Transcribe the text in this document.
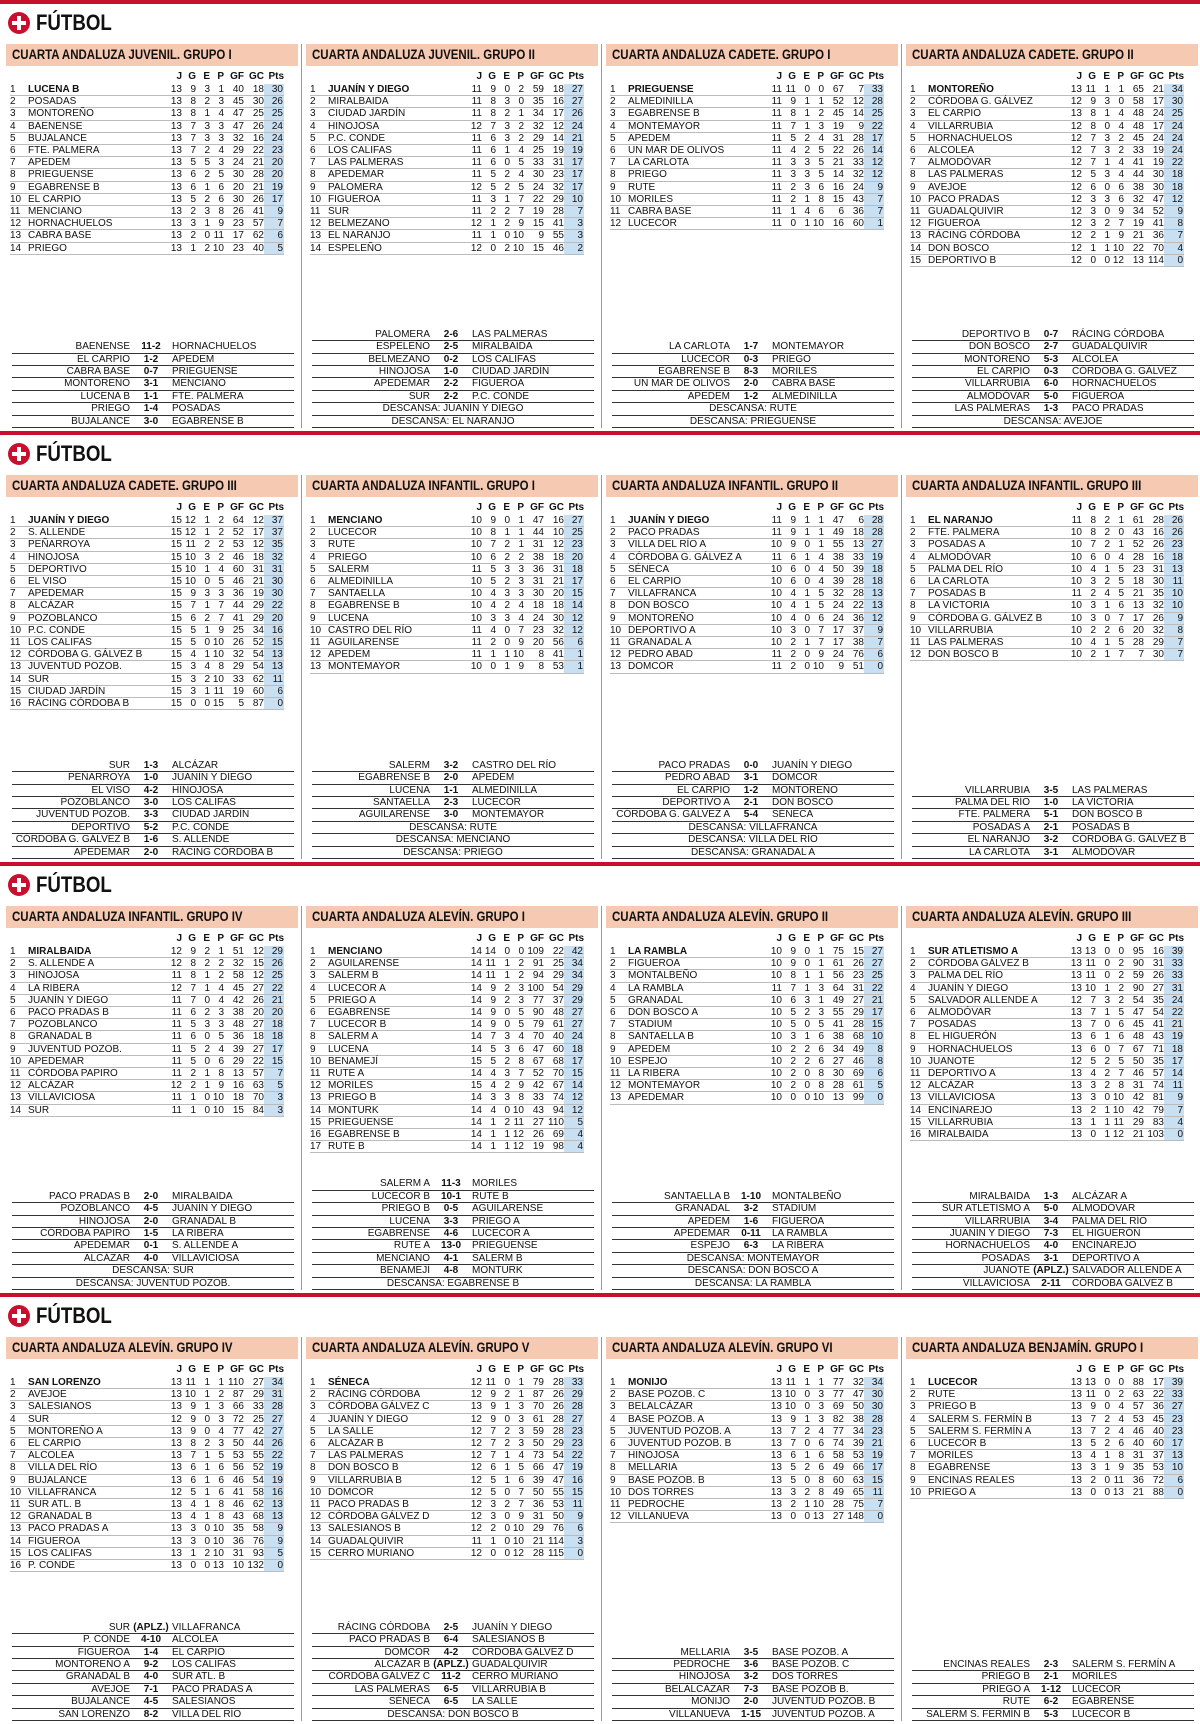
FÚTBOL
CUARTA ANDALUZA JUVENIL. GRUPO I
		J	G	E	P	GF	GC	Pts
1	LUCENA B	13	9	3	1	40	18	30
2	POSADAS	13	8	2	3	45	30	26
3	MONTOREÑO	13	8	1	4	47	25	25
4	BAENENSE	13	7	3	3	47	26	24
5	BUJALANCE	13	7	3	3	32	16	24
6	FTE. PALMERA	13	7	2	4	29	22	23
7	APEDEM	13	5	5	3	24	21	20
8	PRIEGUENSE	13	6	2	5	30	28	20
9	EGABRENSE B	13	6	1	6	20	21	19
10	EL CARPIO	13	5	2	6	30	26	17
11	MENCIANO	13	2	3	8	26	41	9
12	HORNACHUELOS	13	3	1	9	23	57	7
13	CABRA BASE	13	2	0	11	17	62	6
14	PRIEGO	13	1	2	10	23	40	5
BAENENSE	11-2	HORNACHUELOS
EL CARPIO	1-2	APEDEM
CABRA BASE	0-7	PRIEGUENSE
MONTOREÑO	3-1	MENCIANO
LUCENA B	1-1	FTE. PALMERA
PRIEGO	1-4	POSADAS
BUJALANCE	3-0	EGABRENSE B
CUARTA ANDALUZA JUVENIL. GRUPO II
		J	G	E	P	GF	GC	Pts
1	JUANÍN Y DIEGO	11	9	0	2	59	18	27
2	MIRALBAIDA	11	8	3	0	35	16	27
3	CIUDAD JARDÍN	11	8	2	1	34	17	26
4	HINOJOSA	12	7	3	2	32	12	24
5	P.C. CONDE	11	6	3	2	29	14	21
6	LOS CALIFAS	11	6	1	4	25	19	19
7	LAS PALMERAS	11	6	0	5	33	31	17
8	APEDEMAR	11	5	2	4	30	23	17
9	PALOMERA	12	5	2	5	24	32	17
10	FIGUEROA	11	3	1	7	22	29	10
11	SUR	11	2	2	7	19	28	7
12	BELMEZANO	12	1	2	9	15	41	3
13	EL NARANJO	11	1	0	10	9	55	3
14	ESPELEÑO	12	0	2	10	15	46	2
PALOMERA	2-6	LAS PALMERAS
ESPELEÑO	2-5	MIRALBAIDA
BELMEZANO	0-2	LOS CALIFAS
HINOJOSA	1-0	CIUDAD JARDÍN
APEDEMAR	2-2	FIGUEROA
SUR	2-2	P.C. CONDE
DESCANSA: JUANÍN Y DIEGO
DESCANSA: EL NARANJO
CUARTA ANDALUZA CADETE. GRUPO I
		J	G	E	P	GF	GC	Pts
1	PRIEGUENSE	11	11	0	0	67	7	33
2	ALMEDINILLA	11	9	1	1	52	12	28
3	EGABRENSE B	11	8	1	2	45	14	25
4	MONTEMAYOR	11	7	1	3	19	9	22
5	APEDEM	11	5	2	4	31	28	17
6	UN MAR DE OLIVOS	11	4	2	5	22	26	14
7	LA CARLOTA	11	3	3	5	21	33	12
8	PRIEGO	11	3	3	5	14	32	12
9	RUTE	11	2	3	6	16	24	9
10	MORILES	11	2	1	8	15	43	7
11	CABRA BASE	11	1	4	6	6	36	7
12	LUCECOR	11	0	1	10	16	60	1
LA CARLOTA	1-7	MONTEMAYOR
LUCECOR	0-3	PRIEGO
EGABRENSE B	8-3	MORILES
UN MAR DE OLIVOS	2-0	CABRA BASE
APEDEM	1-2	ALMEDINILLA
DESCANSA: RUTE
DESCANSA: PRIEGUENSE
CUARTA ANDALUZA CADETE. GRUPO II
		J	G	E	P	GF	GC	Pts
1	MONTOREÑO	13	11	1	1	65	21	34
2	CÓRDOBA G. GÁLVEZ	12	9	3	0	58	17	30
3	EL CARPIO	13	8	1	4	48	24	25
4	VILLARRUBIA	12	8	0	4	48	17	24
5	HORNACHUELOS	12	7	3	2	45	24	24
6	ALCOLEA	12	7	3	2	33	19	24
7	ALMODÓVAR	12	7	1	4	41	19	22
8	LAS PALMERAS	12	5	3	4	44	30	18
9	AVEJOE	12	6	0	6	38	30	18
10	PACO PRADAS	12	3	3	6	32	47	12
11	GUADALQUIVIR	12	3	0	9	34	52	9
12	FIGUEROA	12	3	2	7	19	41	8
13	RÁCING CÓRDOBA	12	2	1	9	21	36	7
14	DON BOSCO	12	1	1	10	22	70	4
15	DEPORTIVO B	12	0	0	12	13	114	0
DEPORTIVO B	0-7	RÁCING CÓRDOBA
DON BOSCO	2-7	GUADALQUIVIR
MONTOREÑO	5-3	ALCOLEA
EL CARPIO	0-3	CÓRDOBA G. GÁLVEZ
VILLARRUBIA	6-0	HORNACHUELOS
ALMODÓVAR	5-0	FIGUEROA
LAS PALMERAS	1-3	PACO PRADAS
DESCANSA: AVEJOE
FÚTBOL
CUARTA ANDALUZA CADETE. GRUPO III
		J	G	E	P	GF	GC	Pts
1	JUANÍN Y DIEGO	15	12	1	2	64	12	37
2	S. ALLENDE	15	12	1	2	52	17	37
3	PEÑARROYA	15	11	2	2	53	12	35
4	HINOJOSA	15	10	3	2	46	18	32
5	DEPORTIVO	15	10	1	4	60	31	31
6	EL VISO	15	10	0	5	46	21	30
7	APEDEMAR	15	9	3	3	36	19	30
8	ALCÁZAR	15	7	1	7	44	29	22
9	POZOBLANCO	15	6	2	7	41	29	20
10	P.C. CONDE	15	5	1	9	25	34	16
11	LOS CALIFAS	15	5	0	10	26	52	15
12	CÓRDOBA G. GÁLVEZ B	15	4	1	10	32	54	13
13	JUVENTUD POZOB.	15	3	4	8	29	54	13
14	SUR	15	3	2	10	33	62	11
15	CIUDAD JARDÍN	15	3	1	11	19	60	6
16	RÁCING CÓRDOBA B	15	0	0	15	5	87	0
SUR	1-3	ALCÁZAR
PEÑARROYA	1-0	JUANÍN Y DIEGO
EL VISO	4-2	HINOJOSA
POZOBLANCO	3-0	LOS CALIFAS
JUVENTUD POZOB.	3-3	CIUDAD JARDÍN
DEPORTIVO	5-2	P.C. CONDE
CÓRDOBA G. GÁLVEZ B	1-6	S. ALLENDE
APEDEMAR	2-0	RÁCING CÓRDOBA B
CUARTA ANDALUZA INFANTIL. GRUPO I
		J	G	E	P	GF	GC	Pts
1	MENCIANO	10	9	0	1	47	16	27
2	LUCECOR	10	8	1	1	44	10	25
3	RUTE	10	7	2	1	31	12	23
4	PRIEGO	10	6	2	2	38	18	20
5	SALERM	11	5	3	3	36	31	18
6	ALMEDINILLA	10	5	2	3	31	21	17
7	SANTAELLA	10	4	3	3	30	20	15
8	EGABRENSE B	10	4	2	4	18	18	14
9	LUCENA	10	3	3	4	24	30	12
10	CASTRO DEL RÍO	11	4	0	7	23	32	12
11	AGUILARENSE	11	2	0	9	20	56	6
12	APEDEM	11	1	1	10	8	41	1
13	MONTEMAYOR	10	0	1	9	8	53	1
SALERM	3-2	CASTRO DEL RÍO
EGABRENSE B	2-0	APEDEM
LUCENA	1-1	ALMEDINILLA
SANTAELLA	2-3	LUCECOR
AGUILARENSE	3-0	MONTEMAYOR
DESCANSA: RUTE
DESCANSA: MENCIANO
DESCANSA: PRIEGO
CUARTA ANDALUZA INFANTIL. GRUPO II
		J	G	E	P	GF	GC	Pts
1	JUANÍN Y DIEGO	11	9	1	1	47	6	28
2	PACO PRADAS	11	9	1	1	49	18	28
3	VILLA DEL RÍO A	10	9	0	1	55	13	27
4	CÓRDOBA G. GÁLVEZ A	11	6	1	4	38	33	19
5	SÉNECA	10	6	0	4	50	39	18
6	EL CARPIO	10	6	0	4	39	28	18
7	VILLAFRANCA	10	4	1	5	32	28	13
8	DON BOSCO	10	4	1	5	24	22	13
9	MONTOREÑO	10	4	0	6	24	36	12
10	DEPORTIVO A	10	3	0	7	17	37	9
11	GRANADAL A	10	2	1	7	17	38	7
12	PEDRO ABAD	11	2	0	9	24	76	6
13	DOMCOR	11	2	0	10	9	51	0
PACO PRADAS	0-0	JUANÍN Y DIEGO
PEDRO ABAD	3-1	DOMCOR
EL CARPIO	1-2	MONTOREÑO
DEPORTIVO A	2-1	DON BOSCO
CÓRDOBA G. GÁLVEZ A	5-4	SÉNECA
DESCANSA: VILLAFRANCA
DESCANSA: VILLA DEL RÍO
DESCANSA: GRANADAL A
CUARTA ANDALUZA INFANTIL. GRUPO III
		J	G	E	P	GF	GC	Pts
1	EL NARANJO	11	8	2	1	61	28	26
2	FTE. PALMERA	10	8	2	0	43	16	26
3	POSADAS A	10	7	2	1	52	26	23
4	ALMODÓVAR	10	6	0	4	28	16	18
5	PALMA DEL RÍO	10	4	1	5	23	31	13
6	LA CARLOTA	10	3	2	5	18	30	11
7	POSADAS B	11	2	4	5	21	35	10
8	LA VICTORIA	10	3	1	6	13	32	10
9	CÓRDOBA G. GÁLVEZ B	10	3	0	7	17	26	9
10	VILLARRUBIA	10	2	2	6	20	32	8
11	LAS PALMERAS	10	4	1	5	28	29	7
12	DON BOSCO B	10	2	1	7	7	30	7
VILLARRUBIA	3-5	LAS PALMERAS
PALMA DEL RÍO	1-0	LA VICTORIA
FTE. PALMERA	5-1	DON BOSCO B
POSADAS A	2-1	POSADAS B
EL NARANJO	3-2	CÓRDOBA G. GÁLVEZ B
LA CARLOTA	3-1	ALMODÓVAR
FÚTBOL
CUARTA ANDALUZA INFANTIL. GRUPO IV
		J	G	E	P	GF	GC	Pts
1	MIRALBAIDA	12	9	2	1	51	12	29
2	S. ALLENDE A	12	8	2	2	32	15	26
3	HINOJOSA	11	8	1	2	58	12	25
4	LA RIBERA	12	7	1	4	45	27	22
5	JUANÍN Y DIEGO	11	7	0	4	42	26	21
6	PACO PRADAS B	11	6	2	3	38	20	20
7	POZOBLANCO	11	5	3	3	48	27	18
8	GRANADAL B	11	6	0	5	36	18	18
9	JUVENTUD POZOB.	11	5	2	4	39	27	17
10	APEDEMAR	11	5	0	6	29	22	15
11	CÓRDOBA PAPIRO	11	2	1	8	13	57	7
12	ALCÁZAR	12	2	1	9	16	63	5
13	VILLAVICIOSA	11	1	0	10	18	70	3
14	SUR	11	1	0	10	15	84	3
PACO PRADAS B	2-0	MIRALBAIDA
POZOBLANCO	4-5	JUANÍN Y DIEGO
HINOJOSA	2-0	GRANADAL B
CÓRDOBA PAPIRO	1-5	LA RIBERA
APEDEMAR	0-1	S. ALLENDE A
ALCÁZAR	4-0	VILLAVICIOSA
DESCANSA: SUR
DESCANSA: JUVENTUD POZOB.
CUARTA ANDALUZA ALEVÍN. GRUPO I
		J	G	E	P	GF	GC	Pts
1	MENCIANO	14	14	0	0	109	22	42
2	AGUILARENSE	14	11	1	2	91	25	34
3	SALERM B	14	11	1	2	94	29	34
4	LUCECOR A	14	9	2	3	100	54	29
5	PRIEGO A	14	9	2	3	77	37	29
6	EGABRENSE	14	9	0	5	90	48	27
7	LUCECOR B	14	9	0	5	79	61	27
8	SALERM A	14	7	3	4	70	40	24
9	LUCENA	14	5	3	6	47	60	18
10	BENAMEJÍ	15	5	2	8	67	68	17
11	RUTE A	14	4	3	7	52	70	15
12	MORILES	15	4	2	9	42	67	14
13	PRIEGO B	14	3	3	8	33	74	12
14	MONTURK	14	4	0	10	43	94	12
15	PRIEGUENSE	14	1	2	11	27	110	5
16	EGABRENSE B	14	1	1	12	26	69	4
17	RUTE B	14	1	1	12	19	98	4
SALERM A	11-3	MORILES
LUCECOR B	10-1	RUTE B
PRIEGO B	0-5	AGUILARENSE
LUCENA	3-3	PRIEGO A
EGABRENSE	4-6	LUCECOR A
RUTE A	13-0	PRIEGUENSE
MENCIANO	4-1	SALERM B
BENAMEJÍ	4-8	MONTURK
DESCANSA: EGABRENSE B
CUARTA ANDALUZA ALEVÍN. GRUPO II
		J	G	E	P	GF	GC	Pts
1	LA RAMBLA	10	9	0	1	75	15	27
2	FIGUEROA	10	9	0	1	61	26	27
3	MONTALBEÑO	10	8	1	1	56	23	25
4	LA RAMBLA	11	7	1	3	64	31	22
5	GRANADAL	10	6	3	1	49	27	21
6	DON BOSCO A	10	5	2	3	55	29	17
7	STADIUM	10	5	0	5	41	28	15
8	SANTAELLA B	10	3	1	6	38	68	10
9	APEDEM	10	2	2	6	34	49	8
10	ESPEJO	10	2	2	6	27	46	8
11	LA RIBERA	10	2	0	8	30	69	6
12	MONTEMAYOR	10	2	0	8	28	61	5
13	APEDEMAR	10	0	0	10	13	99	0
SANTAELLA B	1-10	MONTALBEÑO
GRANADAL	3-2	STADIUM
APEDEM	1-6	FIGUEROA
APEDEMAR	0-11	LA RAMBLA
ESPEJO	6-3	LA RIBERA
DESCANSA: MONTEMAYOR
DESCANSA: DON BOSCO A
DESCANSA: LA RAMBLA
CUARTA ANDALUZA ALEVÍN. GRUPO III
		J	G	E	P	GF	GC	Pts
1	SUR ATLETISMO A	13	13	0	0	95	16	39
2	CÓRDOBA GÁLVEZ B	13	11	0	2	90	31	33
3	PALMA DEL RÍO	13	11	0	2	59	26	33
4	JUANÍN Y DIEGO	13	10	1	2	90	27	31
5	SALVADOR ALLENDE A	12	7	3	2	54	35	24
6	ALMODÓVAR	13	7	1	5	47	54	22
7	POSADAS	13	7	0	6	45	41	21
8	EL HIGUERÓN	13	6	1	6	48	43	19
9	HORNACHUELOS	13	6	0	7	67	71	18
10	JUANOTE	12	5	2	5	50	35	17
11	DEPORTIVO A	13	4	2	7	46	57	14
12	ALCÁZAR	13	3	2	8	31	74	11
13	VILLAVICIOSA	13	3	0	10	42	81	9
14	ENCINAREJO	13	2	1	10	42	79	7
15	VILLARRUBIA	13	1	1	11	29	83	4
16	MIRALBAIDA	13	0	1	12	21	103	0
MIRALBAIDA	1-3	ALCÁZAR A
SUR ATLETISMO A	5-0	ALMODÓVAR
VILLARRUBIA	3-4	PALMA DEL RÍO
JUANÍN Y DIEGO	7-3	EL HIGUERÓN
HORNACHUELOS	4-0	ENCINAREJO
POSADAS	3-1	DEPORTIVO A
JUANOTE (APLZ.) SALVADOR ALLENDE A
VILLAVICIOSA	2-11	CÓRDOBA GÁLVEZ B
FÚTBOL
CUARTA ANDALUZA ALEVÍN. GRUPO IV
		J	G	E	P	GF	GC	Pts
1	SAN LORENZO	13	11	1	1	110	27	34
2	AVEJOE	13	10	1	2	87	29	31
3	SALESIANOS	13	9	1	3	66	33	28
4	SUR	12	9	0	3	72	25	27
5	MONTOREÑO A	13	9	0	4	77	42	27
6	EL CARPIO	13	8	2	3	50	44	26
7	ALCOLEA	13	7	1	5	53	55	22
8	VILLA DEL RÍO	13	6	1	6	56	52	19
9	BUJALANCE	13	6	1	6	46	54	19
10	VILLAFRANCA	12	5	1	6	41	58	16
11	SUR ATL. B	13	4	1	8	46	62	13
12	GRANADAL B	13	4	1	8	43	68	13
13	PACO PRADAS A	13	3	0	10	35	58	9
14	FIGUEROA	13	3	0	10	36	76	9
15	LOS CALIFAS	13	1	2	10	31	93	5
16	P. CONDE	13	0	0	13	10	132	0
SUR (APLZ.) VILLAFRANCA
P. CONDE	4-10	ALCOLEA
FIGUEROA	1-4	EL CARPIO
MONTOREÑO A	9-2	LOS CALIFAS
GRANADAL B	4-0	SUR ATL. B
AVEJOE	7-1	PACO PRADAS A
BUJALANCE	4-5	SALESIANOS
SAN LORENZO	8-2	VILLA DEL RÍO
CUARTA ANDALUZA ALEVÍN. GRUPO V
		J	G	E	P	GF	GC	Pts
1	SÉNECA	12	11	0	1	79	28	33
2	RÁCING CÓRDOBA	12	9	2	1	87	26	29
3	CÓRDOBA GÁLVEZ C	13	9	1	3	70	26	28
4	JUANÍN Y DIEGO	12	9	0	3	61	28	27
5	LA SALLE	12	7	2	3	59	28	23
6	ALCÁZAR B	12	7	2	3	50	29	23
7	LAS PALMERAS	12	7	1	4	73	54	22
8	DON BOSCO B	12	6	1	5	66	47	19
9	VILLARRUBIA B	12	5	1	6	39	47	16
10	DOMCOR	12	5	0	7	50	55	15
11	PACO PRADAS B	12	3	2	7	36	53	11
12	CÓRDOBA GÁLVEZ D	12	3	0	9	31	50	9
13	SALESIANOS B	12	2	0	10	29	76	6
14	GUADALQUIVIR	11	1	0	10	21	114	3
15	CERRO MURIANO	12	0	0	12	28	115	0
RÁCING CÓRDOBA	2-5	JUANÍN Y DIEGO
PACO PRADAS B	6-4	SALESIANOS B
DOMCOR	4-2	CÓRDOBA GÁLVEZ D
ALCÁZAR B (APLZ.) GUADALQUIVIR
CÓRDOBA GÁLVEZ C	11-2	CERRO MURIANO
LAS PALMERAS	6-5	VILLARRUBIA B
SÉNECA	6-5	LA SALLE
DESCANSA: DON BOSCO B
CUARTA ANDALUZA ALEVÍN. GRUPO VI
		J	G	E	P	GF	GC	Pts
1	MONIJO	13	11	1	1	77	32	34
2	BASE POZOB. C	13	10	0	3	77	47	30
3	BELALCÁZAR	13	10	0	3	69	50	30
4	BASE POZOB. A	13	9	1	3	82	38	28
5	JUVENTUD POZOB. A	13	7	2	4	77	34	23
6	JUVENTUD POZOB. B	13	7	0	6	74	39	21
7	HINOJOSA	13	6	1	6	58	53	19
8	MELLARIA	13	5	2	6	49	66	17
9	BASE POZOB. B	13	5	0	8	60	63	15
10	DOS TORRES	13	3	2	8	49	65	11
11	PEDROCHE	13	2	1	10	28	75	7
12	VILLANUEVA	13	0	0	13	27	148	0
MELLARIA	3-5	BASE POZOB. A
PEDROCHE	3-6	BASE POZOB. C
HINOJOSA	3-2	DOS TORRES
BELALCÁZAR	7-3	BASE POZOB B.
MONIJO	2-0	JUVENTUD POZOB. B
VILLANUEVA	1-15	JUVENTUD POZOB. A
CUARTA ANDALUZA BENJAMÍN. GRUPO I
		J	G	E	P	GF	GC	Pts
1	LUCECOR	13	13	0	0	88	17	39
2	RUTE	13	11	0	2	63	22	33
3	PRIEGO B	13	9	0	4	57	36	27
4	SALERM S. FERMÍN B	13	7	2	4	53	45	23
5	SALERM S. FERMÍN A	13	7	2	4	46	40	23
6	LUCECOR B	13	5	2	6	40	60	17
7	MORILES	13	4	1	8	31	37	13
8	EGABRENSE	13	3	1	9	35	53	10
9	ENCINAS REALES	13	2	0	11	36	72	6
10	PRIEGO A	13	0	0	13	21	88	0
ENCINAS REALES	2-3	SALERM S. FERMÍN A
PRIEGO B	2-1	MORILES
PRIEGO A	1-12	LUCECOR
RUTE	6-2	EGABRENSE
SALERM S. FERMÍN B	5-3	LUCECOR B
